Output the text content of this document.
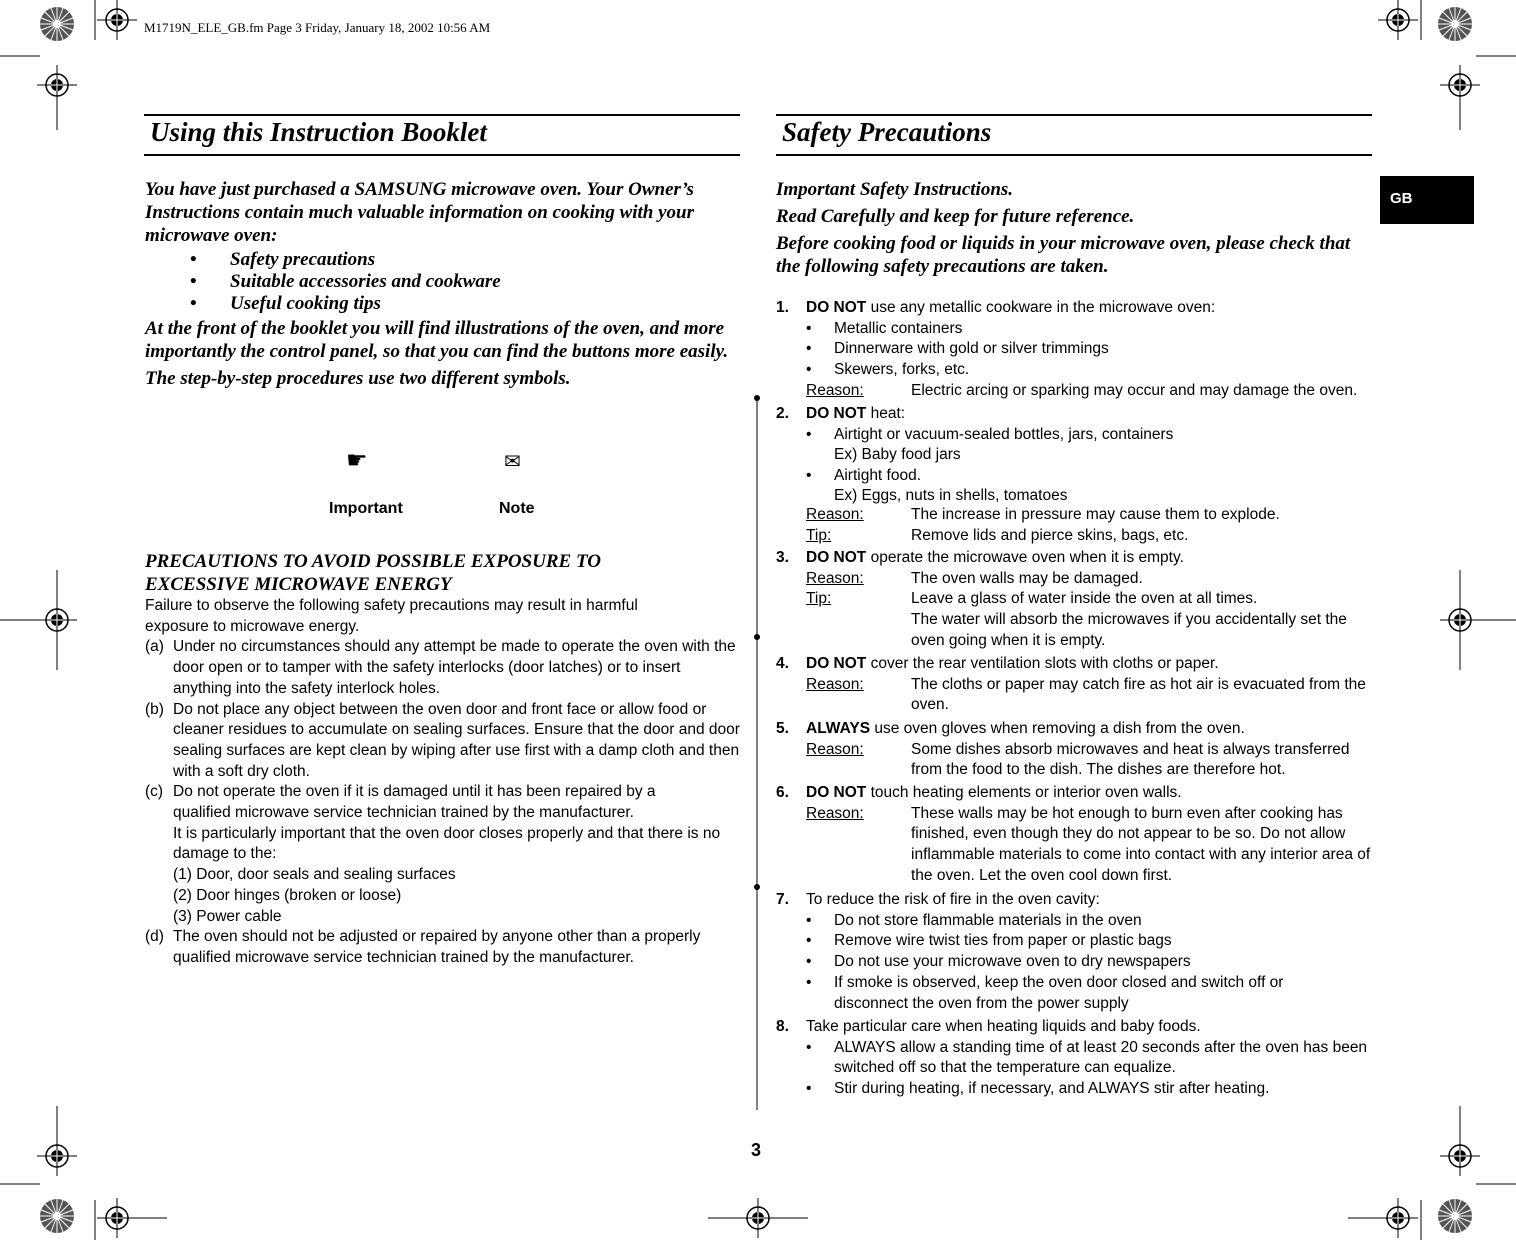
M1719N_ELE_GB.fm Page 3 Friday, January 18, 2002 10:56 AM
GB
Using this Instruction Booklet
You have just purchased a SAMSUNG microwave oven. Your Owner’s Instructions contain much valuable information on cooking with your microwave oven:
• Safety precautions
• Suitable accessories and cookware
• Useful cooking tips
At the front of the booklet you will find illustrations of the oven, and more importantly the control panel, so that you can find the buttons more easily.
The step-by-step procedures use two different symbols.
☛	✉
Important	Note
PRECAUTIONS TO AVOID POSSIBLE EXPOSURE TO EXCESSIVE MICROWAVE ENERGY
Failure to observe the following safety precautions may result in harmful exposure to microwave energy.
(a) Under no circumstances should any attempt be made to operate the oven with the door open or to tamper with the safety interlocks (door latches) or to insert anything into the safety interlock holes.
(b) Do not place any object between the oven door and front face or allow food or cleaner residues to accumulate on sealing surfaces. Ensure that the door and door sealing surfaces are kept clean by wiping after use first with a damp cloth and then with a soft dry cloth.
(c) Do not operate the oven if it is damaged until it has been repaired by a qualified microwave service technician trained by the manufacturer.
It is particularly important that the oven door closes properly and that there is no damage to the:
(1) Door, door seals and sealing surfaces
(2) Door hinges (broken or loose)
(3) Power cable
(d) The oven should not be adjusted or repaired by anyone other than a properly qualified microwave service technician trained by the manufacturer.
Safety Precautions
Important Safety Instructions.
Read Carefully and keep for future reference.
Before cooking food or liquids in your microwave oven, please check that the following safety precautions are taken.
1. DO NOT use any metallic cookware in the microwave oven:
• Metallic containers
• Dinnerware with gold or silver trimmings
• Skewers, forks, etc.
Reason:	Electric arcing or sparking may occur and may damage the oven.
2. DO NOT heat:
• Airtight or vacuum-sealed bottles, jars, containers
Ex) Baby food jars
• Airtight food.
Ex) Eggs, nuts in shells, tomatoes
Reason:	The increase in pressure may cause them to explode.
Tip:	Remove lids and pierce skins, bags, etc.
3. DO NOT operate the microwave oven when it is empty.
Reason:	The oven walls may be damaged.
Tip:	Leave a glass of water inside the oven at all times.
The water will absorb the microwaves if you accidentally set the oven going when it is empty.
4. DO NOT cover the rear ventilation slots with cloths or paper.
Reason:	The cloths or paper may catch fire as hot air is evacuated from the oven.
5. ALWAYS use oven gloves when removing a dish from the oven.
Reason:	Some dishes absorb microwaves and heat is always transferred from the food to the dish. The dishes are therefore hot.
6. DO NOT touch heating elements or interior oven walls.
Reason:	These walls may be hot enough to burn even after cooking has finished, even though they do not appear to be so. Do not allow inflammable materials to come into contact with any interior area of the oven. Let the oven cool down first.
7. To reduce the risk of fire in the oven cavity:
• Do not store flammable materials in the oven
• Remove wire twist ties from paper or plastic bags
• Do not use your microwave oven to dry newspapers
• If smoke is observed, keep the oven door closed and switch off or disconnect the oven from the power supply
8. Take particular care when heating liquids and baby foods.
• ALWAYS allow a standing time of at least 20 seconds after the oven has been switched off so that the temperature can equalize.
• Stir during heating, if necessary, and ALWAYS stir after heating.
3
